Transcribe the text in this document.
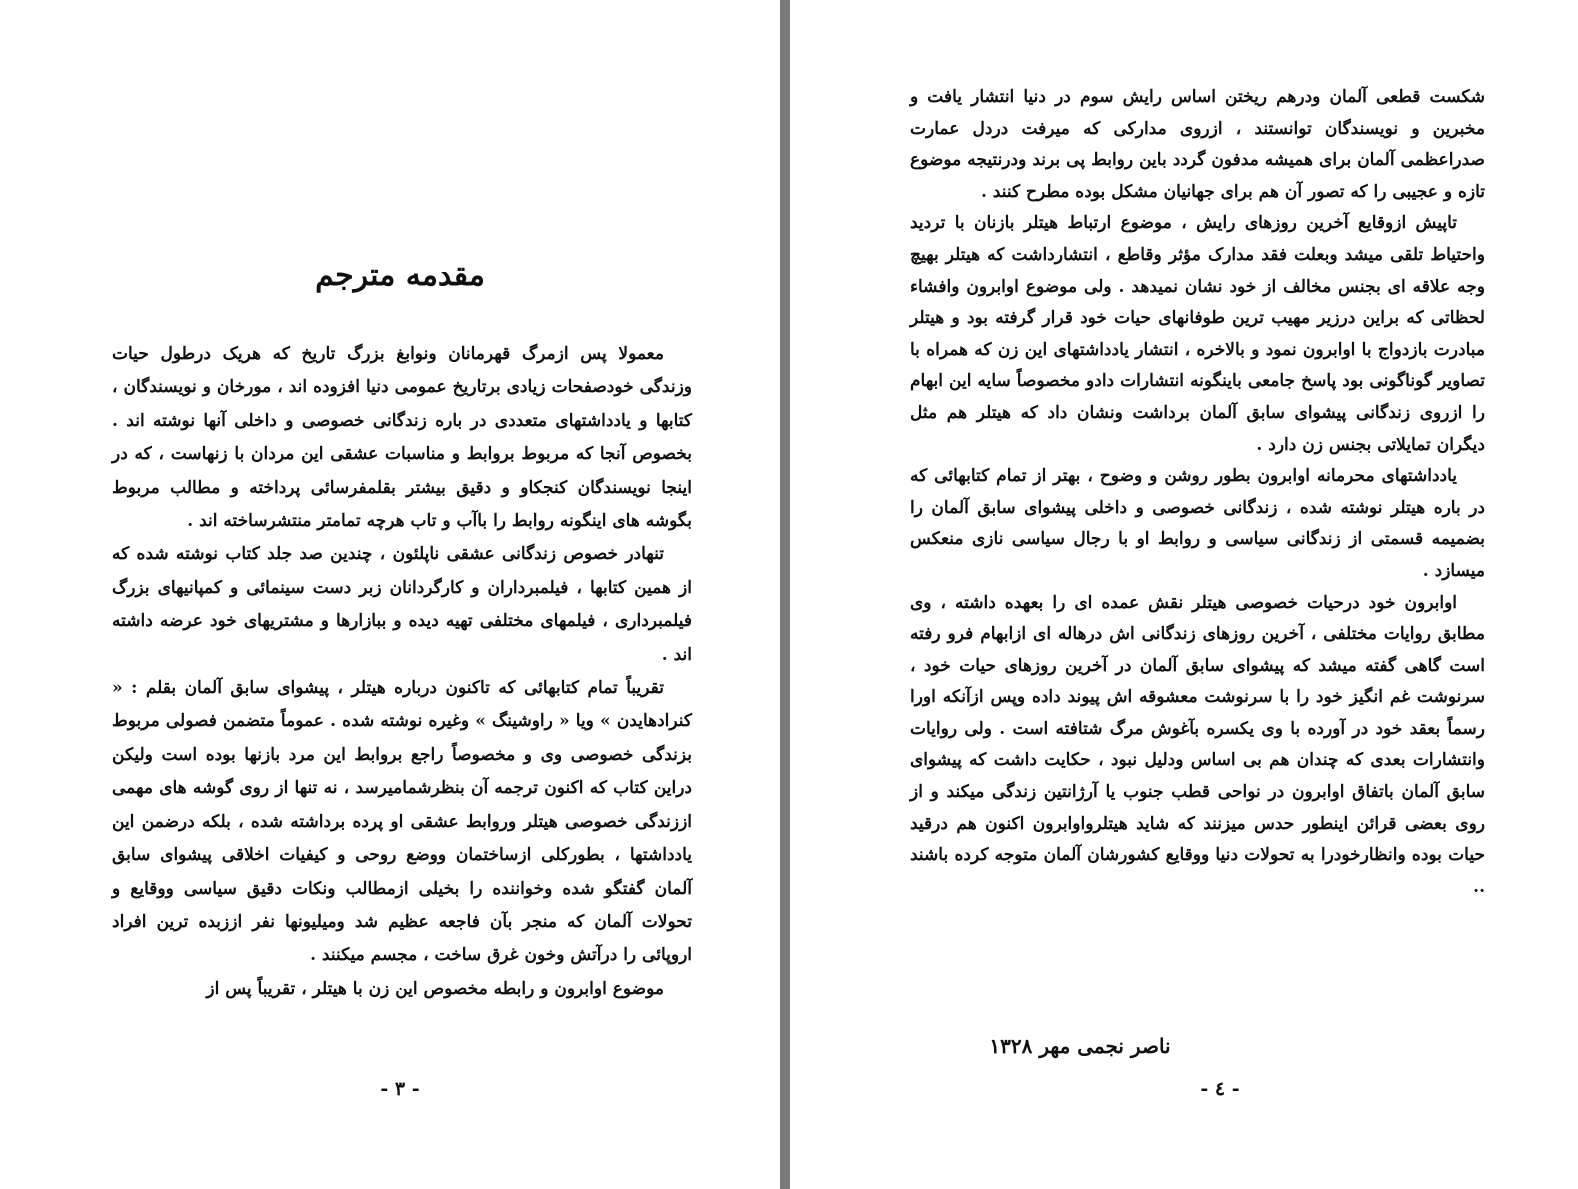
مقدمه مترجم

معمولا پس ازمرگ قهرمانان ونوابغ بزرگ تاریخ که هریک درطول حیات وزندگی خودصفحات زیادی برتاریخ عمومی دنیا افزوده اند ، مورخان و نویسندگان ، کتابها و یادداشتهای متعددی در باره زندگانی خصوصی و داخلی آنها نوشته اند . بخصوص آنجا که مربوط بروابط و مناسبات عشقی این مردان با زنهاست ، که در اینجا نویسندگان کنجکاو و دقیق بیشتر بقلمفرسائی پرداخته و مطالب مربوط بگوشه های اینگونه روابط را باآب و تاب هرچه تمامتر منتشرساخته اند .

تنهادر خصوص زندگانی عشقی ناپلئون ، چندین صد جلد کتاب نوشته شده که از همین کتابها ، فیلمبرداران و کارگردانان زبر دست سینمائی و کمپانیهای بزرگ فیلمبرداری ، فیلمهای مختلفی تهیه دیده و ببازارها و مشتریهای خود عرضه داشته اند .

تقریباً تمام کتابهائی که تاکنون درباره هیتلر ، پیشوای سابق آلمان بقلم : « کنرادهایدن » ویا « راوشینگ » وغیره نوشته شده . عموماً متضمن فصولی مربوط بزندگی خصوصی وی و مخصوصاً راجع بروابط این مرد بازنها بوده است ولیکن دراین کتاب که اکنون ترجمه آن بنظرشمامیرسد ، نه تنها از روی گوشه های مهمی اززندگی خصوصی هیتلر وروابط عشقی او پرده برداشته شده ، بلکه درضمن این یادداشتها ، بطورکلی ازساختمان ووضع روحی و کیفیات اخلاقی پیشوای سابق آلمان گفتگو شده وخواننده را بخیلی ازمطالب ونکات دقیق سیاسی ووقایع و تحولات آلمان که منجر بآن فاجعه عظیم شد ومیلیونها نفر اززبده ترین افراد اروپائی را درآتش وخون غرق ساخت ، مجسم میکنند .

موضوع اوابرون و رابطه مخصوص این زن با هیتلر ، تقریباً پس از

- ٣ -

شکست قطعی آلمان ودرهم ریختن اساس رایش سوم در دنیا انتشار یافت و مخبرین و نویسندگان توانستند ، ازروی مدارکی که میرفت دردل عمارت صدراعظمی آلمان برای همیشه مدفون گردد باین روابط پی برند ودرنتیجه موضوع تازه و عجیبی را که تصور آن هم برای جهانیان مشکل بوده مطرح کنند .

تاپیش ازوقایع آخرین روزهای رایش ، موضوع ارتباط هیتلر بازنان با تردید واحتیاط تلقی میشد وبعلت فقد مدارک مؤثر وقاطع ، انتشارداشت که هیتلر بهیچ وجه علاقه ای بجنس مخالف از خود نشان نمیدهد . ولی موضوع اوابرون وافشاء لحظاتی که براین درزیر مهیب ترین طوفانهای حیات خود قرار گرفته بود و هیتلر مبادرت بازدواج با اوابرون نمود و بالاخره ، انتشار یادداشتهای این زن که همراه با تصاویر گوناگونی بود پاسخ جامعی باینگونه انتشارات دادو مخصوصاً سایه این ابهام را ازروی زندگانی پیشوای سابق آلمان برداشت ونشان داد که هیتلر هم مثل دیگران تمایلاتی بجنس زن دارد .

یادداشتهای محرمانه اوابرون بطور روشن و وضوح ، بهتر از تمام کتابهائی که در باره هیتلر نوشته شده ، زندگانی خصوصی و داخلی پیشوای سابق آلمان را بضمیمه قسمتی از زندگانی سیاسی و روابط او با رجال سیاسی نازی منعکس میسازد .

اوابرون خود درحیات خصوصی هیتلر نقش عمده ای را بعهده داشته ، وی مطابق روایات مختلفی ، آخرین روزهای زندگانی اش درهاله ای ازابهام فرو رفته است گاهی گفته میشد که پیشوای سابق آلمان در آخرین روزهای حیات خود ، سرنوشت غم انگیز خود را با سرنوشت معشوقه اش پیوند داده وپس ازآنکه اورا رسماً بعقد خود در آورده با وی یکسره بآغوش مرگ شتافته است . ولی روایات وانتشارات بعدی که چندان هم بی اساس ودلیل نبود ، حکایت داشت که پیشوای سابق آلمان باتفاق اوابرون در نواحی قطب جنوب یا آرژانتین زندگی میکند و از روی بعضی قرائن اینطور حدس میزنند که شاید هیتلرواوابرون اکنون هم درقید حیات بوده وانظارخودرا به تحولات دنیا ووقایع کشورشان آلمان متوجه کرده باشند ..

- ٤ -
ناصر نجمی مهر ۱۳۲۸
